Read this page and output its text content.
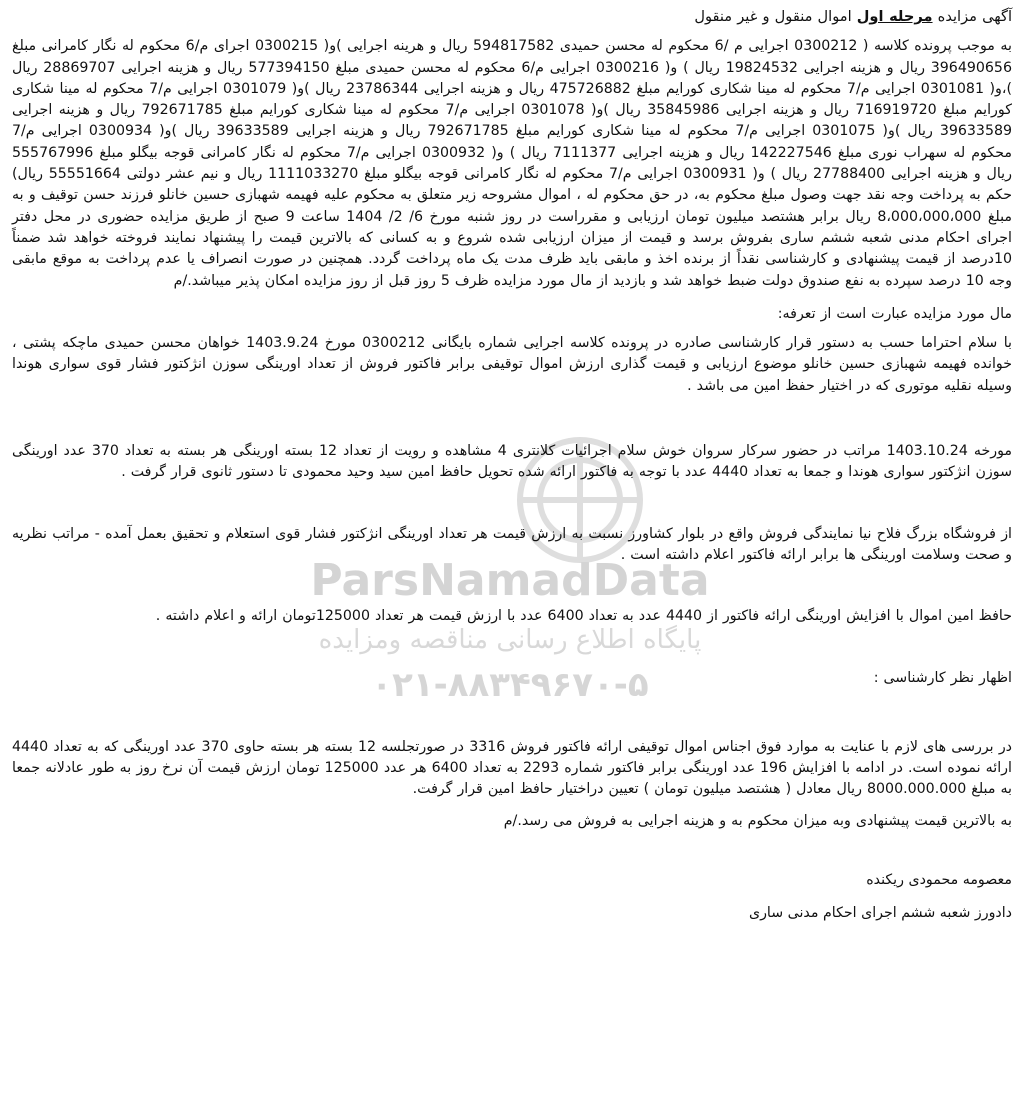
ParsNamadData
پایگاه اطلاع رسانی مناقصه ومزایده
۰۲۱-۸۸۳۴۹۶۷۰-۵

آگهی مزایده مرحله اول اموال منقول و غیر منقول

به موجب پرونده کلاسه ( 0300212 اجرایی م /6 محکوم له محسن حمیدی 594817582 ریال و هرینه اجرایی )و( 0300215 اجرای م/6 محکوم له نگار کامرانی مبلغ 396490656 ریال و هزینه اجرایی 19824532 ریال ) و( 0300216 اجرایی م/6 محکوم له محسن حمیدی مبلغ 577394150 ریال و هزینه اجرایی 28869707 ریال )،و( 0301081 اجرایی م/7 محکوم له مینا شکاری کورایم مبلغ 475726882 ریال و هزینه اجرایی 23786344 ریال )و( 0301079 اجرایی م/7 محکوم له مینا شکاری کورایم مبلغ 716919720 ریال و هزینه اجرایی 35845986 ریال )و( 0301078 اجرایی م/7 محکوم له مینا شکاری کورایم مبلغ 792671785 ریال و هزینه اجرایی 39633589 ریال )و( 0301075 اجرایی م/7 محکوم له مینا شکاری کورایم مبلغ 792671785 ریال و هزینه اجرایی 39633589 ریال )و( 0300934 اجرایی م/7 محکوم له سهراب نوری مبلغ 142227546 ریال و هزینه اجرایی 7111377 ریال ) و( 0300932 اجرایی م/7 محکوم له نگار کامرانی قوجه بیگلو مبلغ 555767996 ریال و هزینه اجرایی 27788400 ریال ) و( 0300931 اجرایی م/7 محکوم له نگار کامرانی قوجه بیگلو مبلغ 1111033270 ریال و نیم عشر دولتی 55551664 ریال) حکم به پرداخت وجه نقد جهت وصول مبلغ محکوم به، در حق محکوم له ، اموال مشروحه زیر متعلق به محکوم علیه فهیمه شهبازی حسین خانلو فرزند حسن توقیف و به مبلغ 8،000،000،000 ریال برابر هشتصد میلیون تومان ارزیابی و مقرراست در روز شنبه مورخ 6/ 2/ 1404 ساعت 9 صبح از طریق مزایده حضوری در محل دفتر اجرای احکام مدنی شعبه ششم ساری بفروش برسد و قیمت از میزان ارزیابی شده شروع و به کسانی که بالاترین قیمت را پیشنهاد نمایند فروخته خواهد شد ضمناً 10درصد از قیمت پیشنهادی و کارشناسی نقداً از برنده اخذ و مابقی باید ظرف مدت یک ماه پرداخت گردد. همچنین در صورت انصراف یا عدم پرداخت به موقع مابقی وجه 10 درصد سپرده به نفع صندوق دولت ضبط خواهد شد و بازدید از مال مورد مزایده ظرف 5 روز قبل از روز مزایده امکان پذیر میباشد./م

مال مورد مزایده عبارت است از تعرفه:

با سلام احتراما حسب به دستور قرار کارشناسی صادره در پرونده کلاسه اجرایی شماره بایگانی 0300212 مورخ 1403.9.24 خواهان محسن حمیدی ماچکه پشتی ، خوانده فهیمه شهبازی حسین خانلو موضوع ارزیابی و قیمت گذاری ارزش اموال توقیفی برابر فاکتور فروش از تعداد اورینگی سوزن انژکتور فشار قوی سواری هوندا وسیله نقلیه موتوری که در اختیار حفظ امین می باشد .

مورخه 1403.10.24 مراتب در حضور سرکار سروان خوش سلام اجرائیات کلانتری 4 مشاهده و رویت از تعداد 12 بسته اورینگی هر بسته به تعداد 370 عدد اورینگی سوزن انژکتور سواری هوندا و جمعا به تعداد 4440 عدد با توجه به فاکتور ارائه شده تحویل حافظ امین سید وحید محمودی تا دستور ثانوی قرار گرفت .

از فروشگاه بزرگ فلاح نیا نمایندگی فروش واقع در بلوار کشاورز نسبت به ارزش قیمت هر تعداد اورینگی انژکتور فشار قوی استعلام و تحقیق بعمل آمده - مراتب نظریه و صحت وسلامت اورینگی ها برابر ارائه فاکتور اعلام داشته است .

حافظ امین اموال با افزایش اورینگی ارائه فاکتور از 4440 عدد به تعداد 6400 عدد با ارزش قیمت هر تعداد 125000تومان ارائه و اعلام داشته .

اظهار نظر کارشناسی :

در بررسی های لازم با عنایت به موارد فوق اجناس اموال توقیفی ارائه فاکتور فروش 3316 در صورتجلسه 12 بسته هر بسته حاوی 370 عدد اورینگی که به تعداد 4440 ارائه نموده است. در ادامه با افزایش 196 عدد اورینگی برابر فاکتور شماره 2293 به تعداد 6400 هر عدد 125000 تومان ارزش قیمت آن نرخ روز به طور عادلانه جمعا به مبلغ 8000.000.000 ریال معادل ( هشتصد میلیون تومان ) تعیین دراختیار حافظ امین قرار گرفت.

به بالاترین قیمت پیشنهادی وبه میزان محکوم به و هزینه اجرایی به فروش می رسد./م

معصومه محمودی ریکنده

دادورز شعبه ششم اجرای احکام مدنی ساری
